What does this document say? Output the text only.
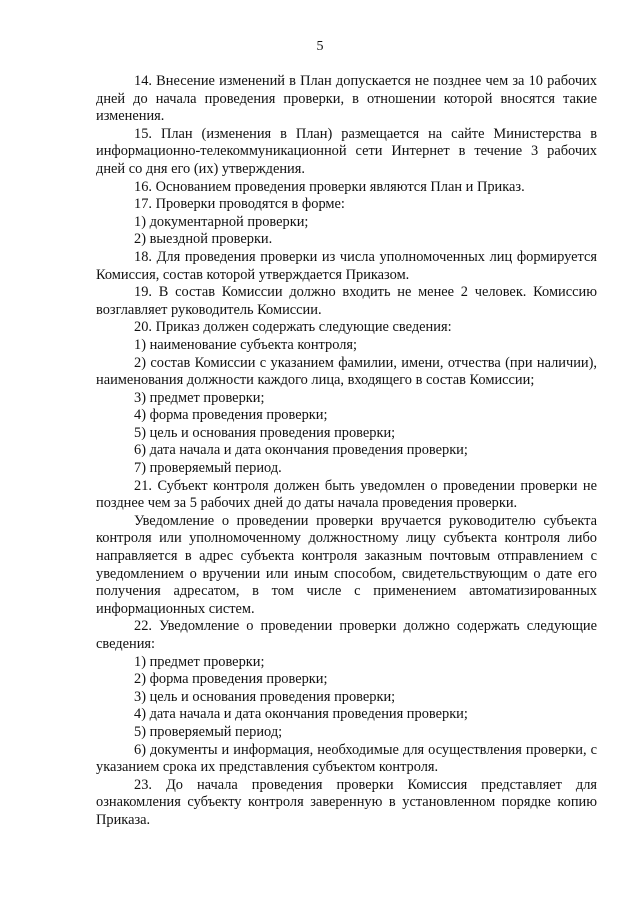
5

14. Внесение изменений в План допускается не позднее чем за 10 рабочих дней до начала проведения проверки, в отношении которой вносятся такие изменения.

15. План (изменения в План) размещается на сайте Министерства в информационно-телекоммуникационной сети Интернет в течение 3 рабочих дней со дня его (их) утверждения.

16. Основанием проведения проверки являются План и Приказ.

17. Проверки проводятся в форме:

1) документарной проверки;

2) выездной проверки.

18. Для проведения проверки из числа уполномоченных лиц формируется Комиссия, состав которой утверждается Приказом.

19. В состав Комиссии должно входить не менее 2 человек. Комиссию возглавляет руководитель Комиссии.

20. Приказ должен содержать следующие сведения:

1) наименование субъекта контроля;

2) состав Комиссии с указанием фамилии, имени, отчества (при наличии), наименования должности каждого лица, входящего в состав Комиссии;

3) предмет проверки;

4) форма проведения проверки;

5) цель и основания проведения проверки;

6) дата начала и дата окончания проведения проверки;

7) проверяемый период.

21. Субъект контроля должен быть уведомлен о проведении проверки не позднее чем за 5 рабочих дней до даты начала проведения проверки.

Уведомление о проведении проверки вручается руководителю субъекта контроля или уполномоченному должностному лицу субъекта контроля либо направляется в адрес субъекта контроля заказным почтовым отправлением с уведомлением о вручении или иным способом, свидетельствующим о дате его получения адресатом, в том числе с применением автоматизированных информационных систем.

22. Уведомление о проведении проверки должно содержать следующие сведения:

1) предмет проверки;

2) форма проведения проверки;

3) цель и основания проведения проверки;

4) дата начала и дата окончания проведения проверки;

5) проверяемый период;

6) документы и информация, необходимые для осуществления проверки, с указанием срока их представления субъектом контроля.

23. До начала проведения проверки Комиссия представляет для ознакомления субъекту контроля заверенную в установленном порядке копию Приказа.
